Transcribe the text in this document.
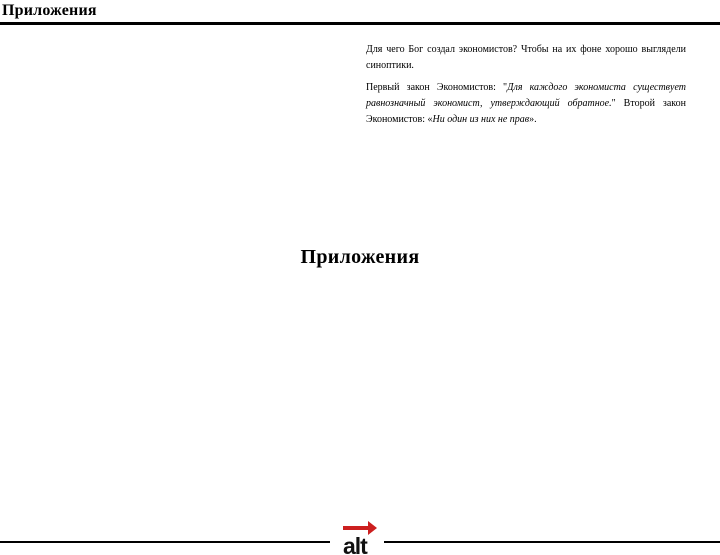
Приложения

Для чего Бог создал экономистов? Чтобы на их фоне хорошо выглядели синоптики.

Первый закон Экономистов: "Для каждого экономиста существует равнозначный экономист, утверждающий обратное." Второй закон Экономистов: «Ни один из них не прав».

Приложения
alt
